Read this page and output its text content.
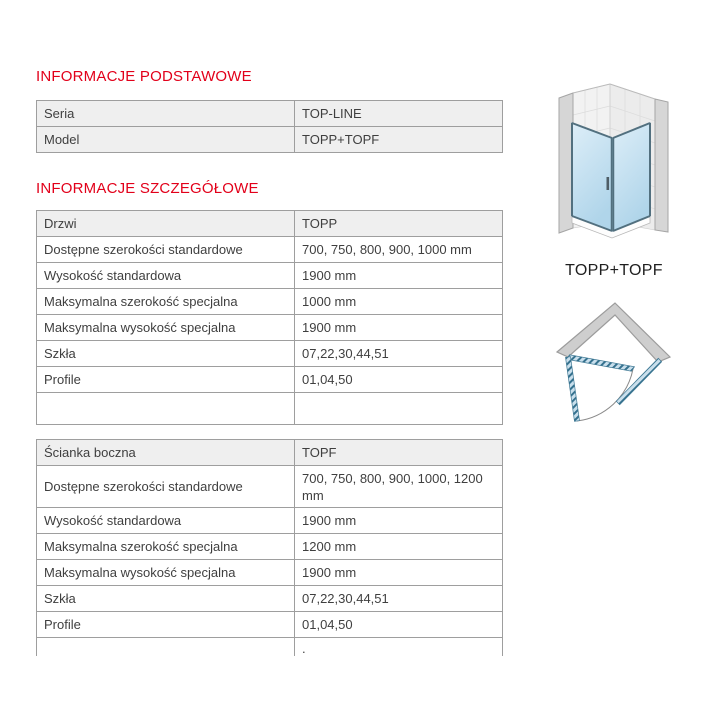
INFORMACJE PODSTAWOWE
Seria	TOP-LINE
Model	TOPP+TOPF
INFORMACJE SZCZEGÓŁOWE
Drzwi	TOPP
Dostępne szerokości standardowe	700, 750, 800, 900, 1000 mm
Wysokość standardowa	1900 mm
Maksymalna szerokość specjalna	1000 mm
Maksymalna wysokość specjalna	1900 mm
Szkła	07,22,30,44,51
Profile	01,04,50

Ścianka boczna	TOPF
Dostępne szerokości standardowe	700, 750, 800, 900, 1000, 1200 mm
Wysokość standardowa	1900 mm
Maksymalna szerokość specjalna	1200 mm
Maksymalna wysokość specjalna	1900 mm
Szkła	07,22,30,44,51
Profile	01,04,50
	.
TOPP+TOPF
